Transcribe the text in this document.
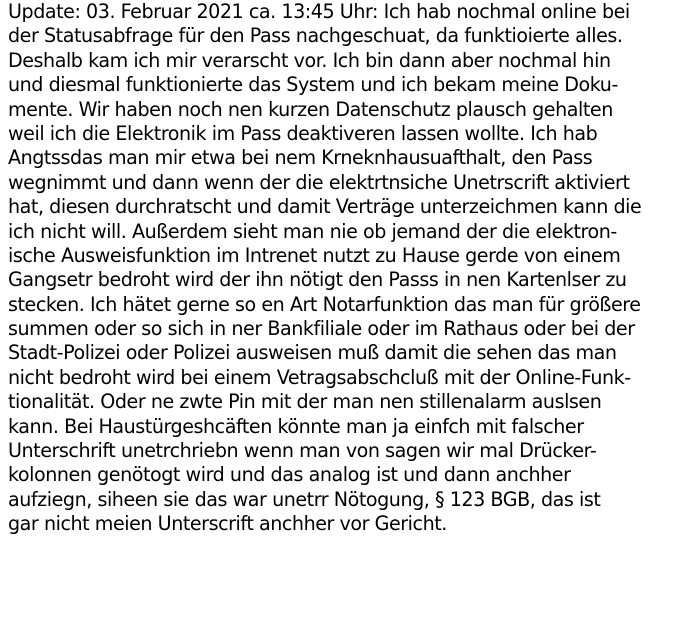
Update: 03. Februar 2021 ca. 13:45 Uhr: Ich hab nochmal online bei
der Statusabfrage für den Pass nachgeschuat, da funktioierte alles.
Deshalb kam ich mir verarscht vor. Ich bin dann aber nochmal hin
und diesmal funktionierte das System und ich bekam meine Doku-
mente. Wir haben noch nen kurzen Datenschutz plausch gehalten
weil ich die Elektronik im Pass deaktiveren lassen wollte. Ich hab
Angtssdas man mir etwa bei nem Krneknhausuafthalt, den Pass
wegnimmt und dann wenn der die elektrtnsiche Unetrscrift aktiviert
hat, diesen durchratscht und damit Verträge unterzeichmen kann die
ich nicht will. Außerdem sieht man nie ob jemand der die elektron-
ische Ausweisfunktion im Intrenet nutzt zu Hause gerde von einem
Gangsetr bedroht wird der ihn nötigt den Passs in nen Kartenlser zu
stecken. Ich hätet gerne so en Art Notarfunktion das man für größere
summen oder so sich in ner Bankfiliale oder im Rathaus oder bei der
Stadt-Polizei oder Polizei ausweisen muß damit die sehen das man
nicht bedroht wird bei einem Vetragsabschcluß mit der Online-Funk-
tionalität. Oder ne zwte Pin mit der man nen stillenalarm auslsen
kann. Bei Haustürgeshcäften könnte man ja einfch mit falscher
Unterschrift unetrchriebn wenn man von sagen wir mal Drücker-
kolonnen genötogt wird und das analog ist und dann anchher
aufziegn, siheen sie das war unetrr Nötogung, § 123 BGB, das ist
gar nicht meien Unterscrift anchher vor Gericht.
